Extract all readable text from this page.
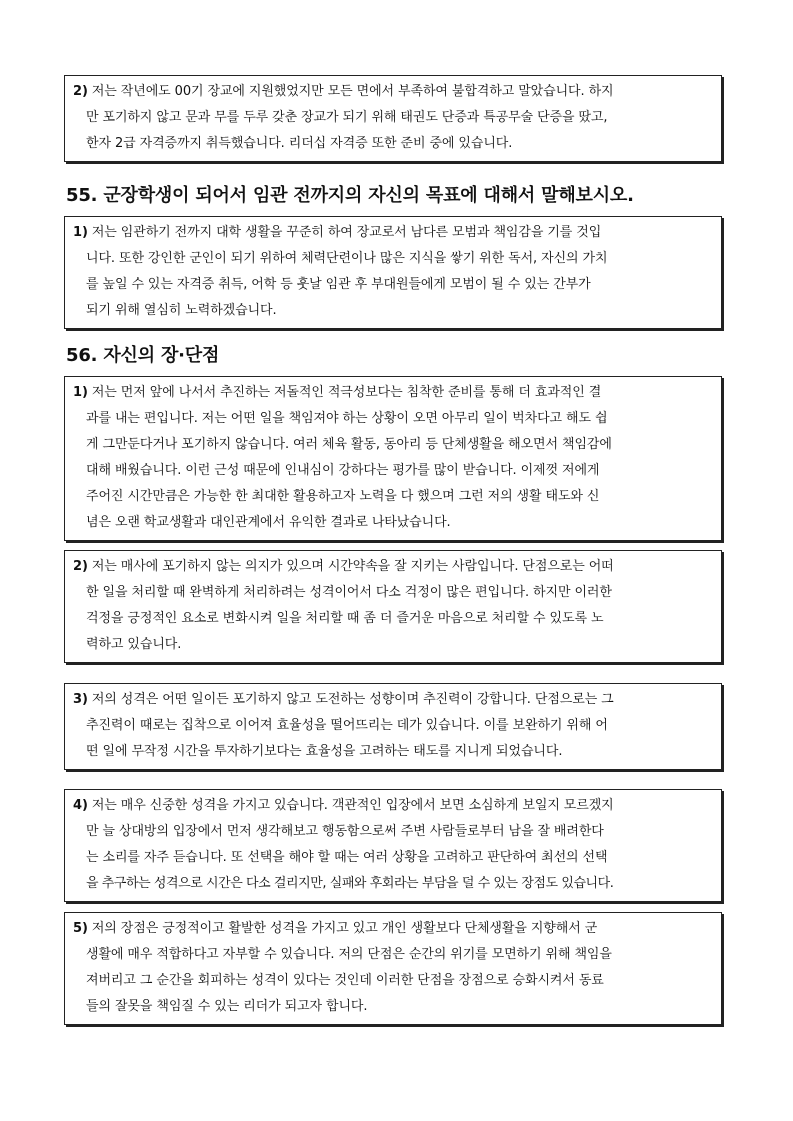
2) 저는 작년에도 00기 장교에 지원했었지만 모든 면에서 부족하여 불합격하고 말았습니다. 하지
만 포기하지 않고 문과 무를 두루 갖춘 장교가 되기 위해 태권도 단증과 특공무술 단증을 땄고,
한자 2급 자격증까지 취득했습니다. 리더십 자격증 또한 준비 중에 있습니다.
55. 군장학생이 되어서 임관 전까지의 자신의 목표에 대해서 말해보시오.
1) 저는 임관하기 전까지 대학 생활을 꾸준히 하여 장교로서 남다른 모범과 책임감을 기를 것입
니다. 또한 강인한 군인이 되기 위하여 체력단련이나 많은 지식을 쌓기 위한 독서, 자신의 가치
를 높일 수 있는 자격증 취득, 어학 등 훗날 임관 후 부대원들에게 모범이 될 수 있는 간부가
되기 위해 열심히 노력하겠습니다.
56. 자신의 장·단점
1) 저는 먼저 앞에 나서서 추진하는 저돌적인 적극성보다는 침착한 준비를 통해 더 효과적인 결
과를 내는 편입니다. 저는 어떤 일을 책임져야 하는 상황이 오면 아무리 일이 벅차다고 해도 쉽
게 그만둔다거나 포기하지 않습니다. 여러 체육 활동, 동아리 등 단체생활을 해오면서 책임감에
대해 배웠습니다. 이런 근성 때문에 인내심이 강하다는 평가를 많이 받습니다. 이제껏 저에게
주어진 시간만큼은 가능한 한 최대한 활용하고자 노력을 다 했으며 그런 저의 생활 태도와 신
념은 오랜 학교생활과 대인관계에서 유익한 결과로 나타났습니다.
2) 저는 매사에 포기하지 않는 의지가 있으며 시간약속을 잘 지키는 사람입니다. 단점으로는 어떠
한 일을 처리할 때 완벽하게 처리하려는 성격이어서 다소 걱정이 많은 편입니다. 하지만 이러한
걱정을 긍정적인 요소로 변화시켜 일을 처리할 때 좀 더 즐거운 마음으로 처리할 수 있도록 노
력하고 있습니다.
3) 저의 성격은 어떤 일이든 포기하지 않고 도전하는 성향이며 추진력이 강합니다. 단점으로는 그
추진력이 때로는 집착으로 이어져 효율성을 떨어뜨리는 데가 있습니다. 이를 보완하기 위해 어
떤 일에 무작정 시간을 투자하기보다는 효율성을 고려하는 태도를 지니게 되었습니다.
4) 저는 매우 신중한 성격을 가지고 있습니다. 객관적인 입장에서 보면 소심하게 보일지 모르겠지
만 늘 상대방의 입장에서 먼저 생각해보고 행동함으로써 주변 사람들로부터 남을 잘 배려한다
는 소리를 자주 듣습니다. 또 선택을 해야 할 때는 여러 상황을 고려하고 판단하여 최선의 선택
을 추구하는 성격으로 시간은 다소 걸리지만, 실패와 후회라는 부담을 덜 수 있는 장점도 있습니다.
5) 저의 장점은 긍정적이고 활발한 성격을 가지고 있고 개인 생활보다 단체생활을 지향해서 군
생활에 매우 적합하다고 자부할 수 있습니다. 저의 단점은 순간의 위기를 모면하기 위해 책임을
져버리고 그 순간을 회피하는 성격이 있다는 것인데 이러한 단점을 장점으로 승화시켜서 동료
들의 잘못을 책임질 수 있는 리더가 되고자 합니다.
